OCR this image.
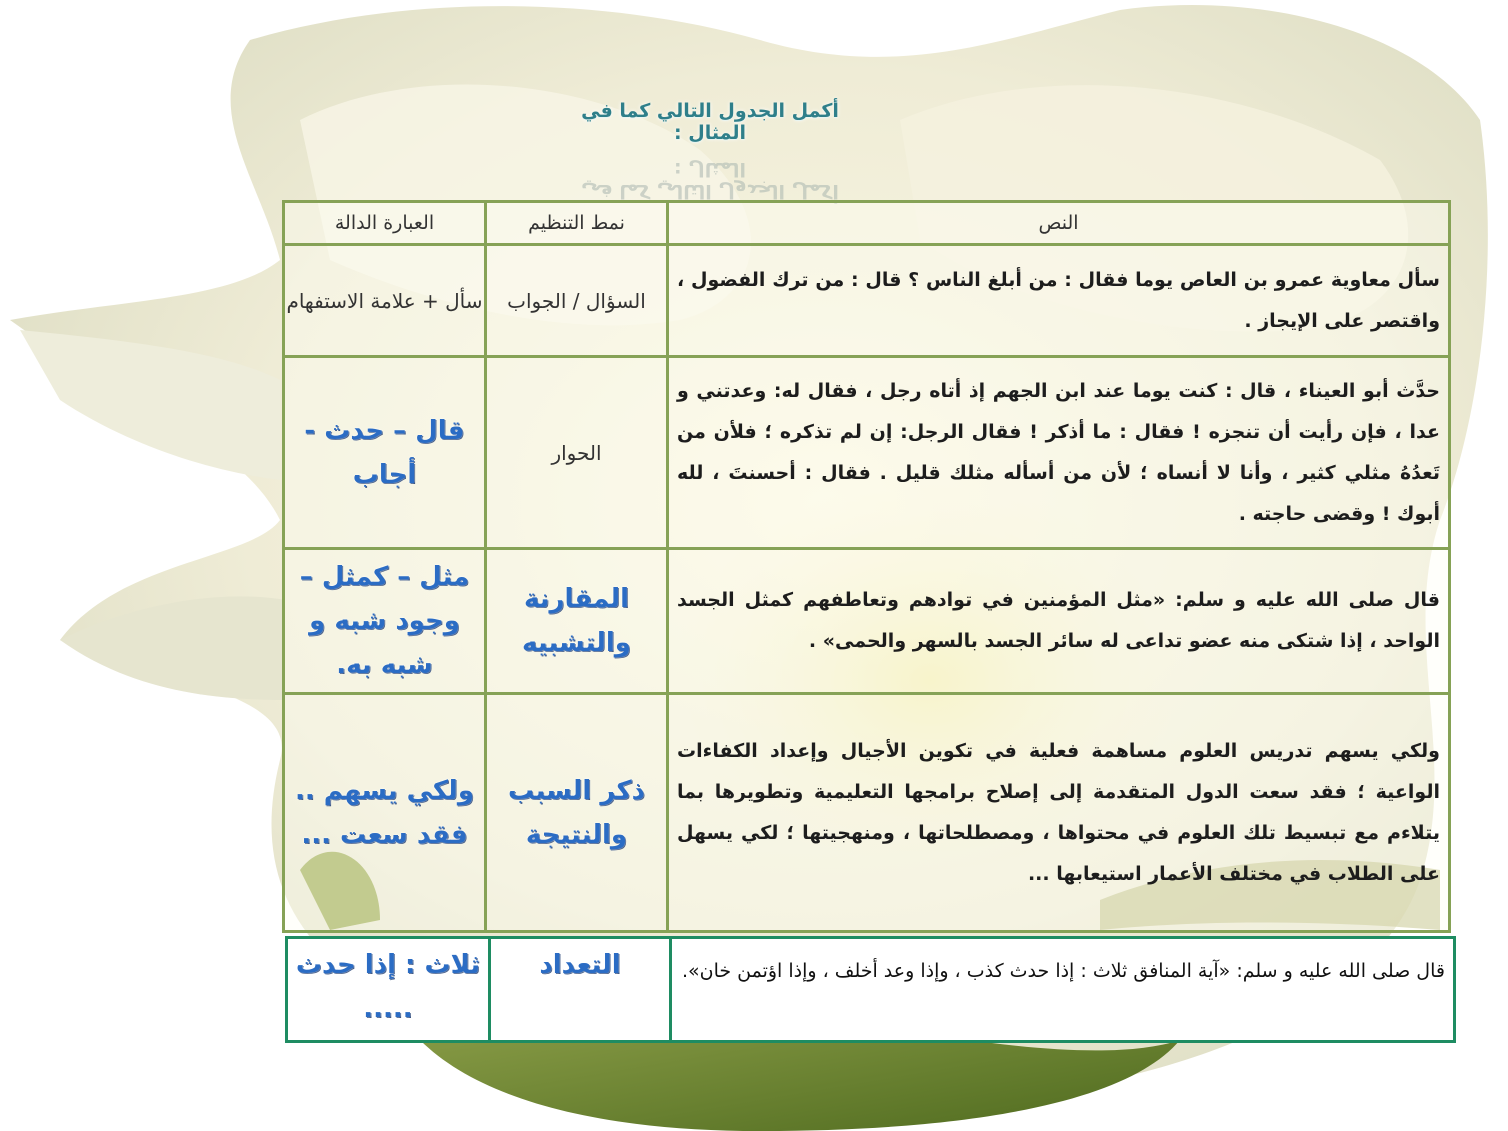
أكمل الجدول التالي كما في المثال :
أكمل الجدول التالي كما في المثال :
النص	نمط التنظيم	العبارة الدالة
سأل معاوية عمرو بن العاص يوما فقال : من أبلغ الناس ؟ قال : من ترك الفضول ، واقتصر على الإيجاز .	السؤال / الجواب	سأل + علامة الاستفهام
حدَّث أبو العيناء ، قال : كنت يوما عند ابن الجهم إذ أتاه رجل ، فقال له: وعدتني و عدا ، فإن رأيت أن تنجزه ! فقال : ما أذكر ! فقال الرجل: إن لم تذكره ؛ فلأن من تَعدُهُ مثلي كثير ، وأنا لا أنساه ؛ لأن من أسأله مثلك قليل . فقال : أحسنتَ ، لله أبوك ! وقضى حاجته .	الحوار	قال – حدث - أجاب
قال صلى الله عليه و سلم: «مثل المؤمنين في توادهم وتعاطفهم كمثل الجسد الواحد ، إذا شتكى منه عضو تداعى له سائر الجسد بالسهر والحمى» .	المقارنة والتشبيه	مثل – كمثل – وجود شبه و شبه به.
ولكي يسهم تدريس العلوم مساهمة فعلية في تكوين الأجيال وإعداد الكفاءات الواعية ؛ فقد سعت الدول المتقدمة إلى إصلاح برامجها التعليمية وتطويرها بما يتلاءم مع تبسيط تلك العلوم في محتواها ، ومصطلحاتها ، ومنهجيتها ؛ لكي يسهل على الطلاب في مختلف الأعمار استيعابها ...	ذكر السبب والنتيجة	ولكي يسهم .. فقد سعت ...
قال صلى الله عليه و سلم: «آية المنافق ثلاث : إذا حدث كذب ، وإذا وعد أخلف ، وإذا اؤتمن خان».	التعداد	ثلاث : إذا حدث .....
